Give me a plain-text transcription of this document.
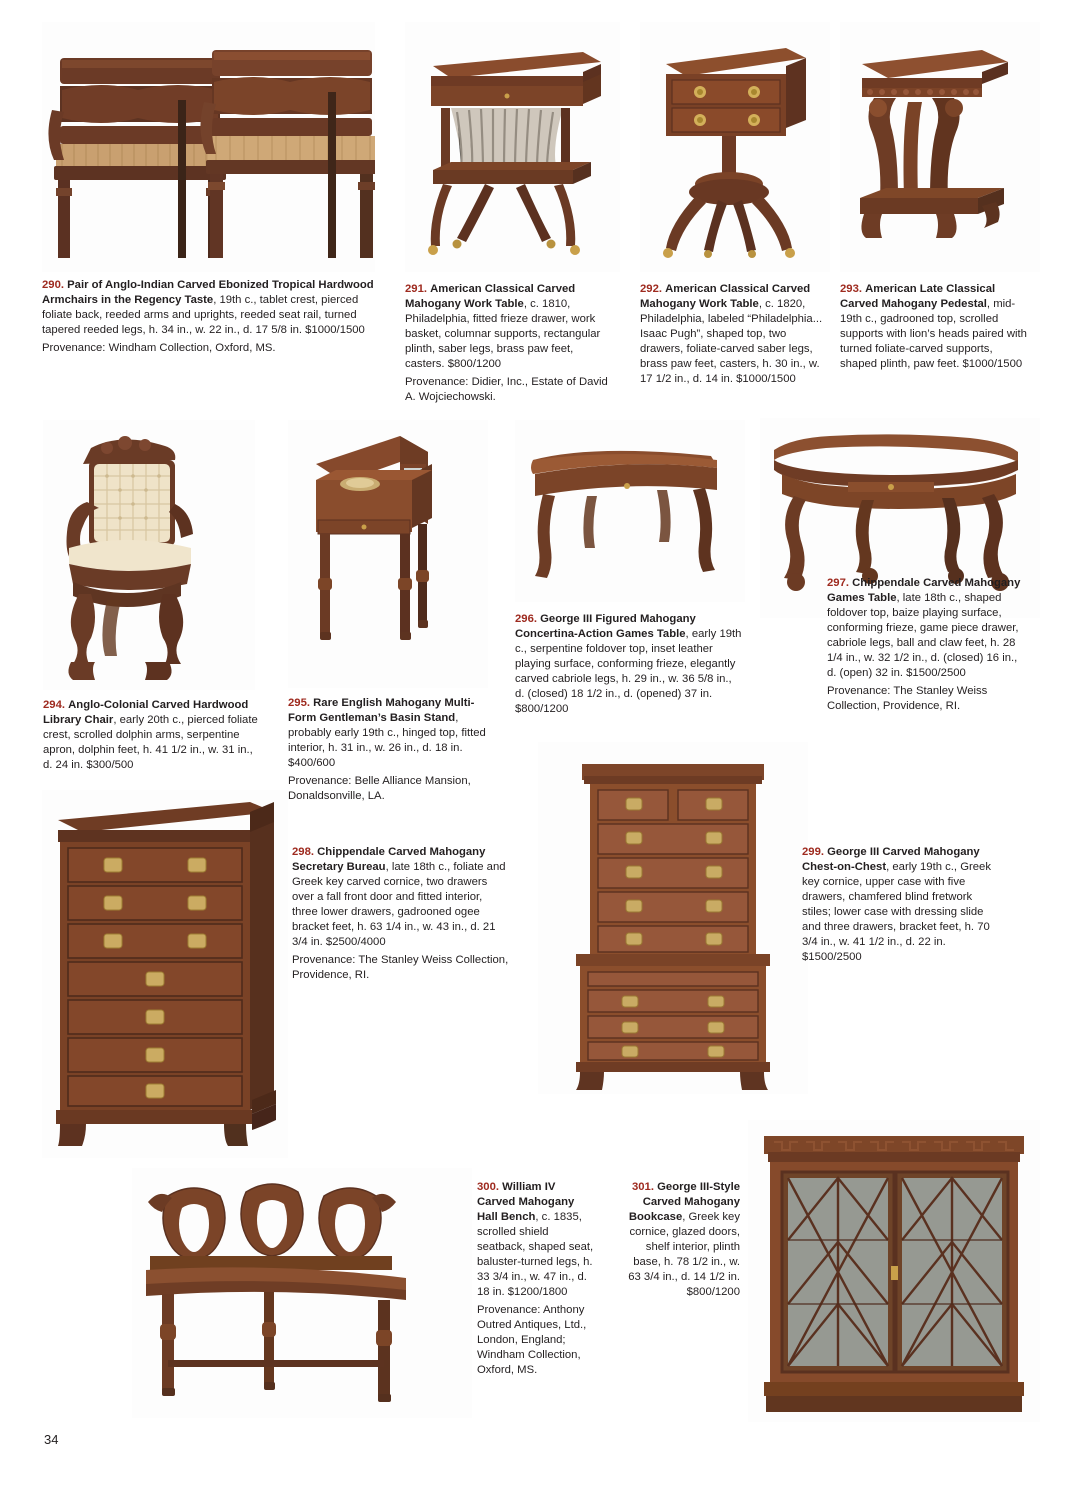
290. Pair of Anglo-Indian Carved Ebonized Tropical Hardwood Armchairs in the Regency Taste, 19th c., tablet crest, pierced foliate back, reeded arms and uprights, reeded seat rail, turned tapered reeded legs, h. 34 in., w. 22 in., d. 17 5/8 in. $1000/1500
Provenance: Windham Collection, Oxford, MS.
291. American Classical Carved Mahogany Work Table, c. 1810, Philadelphia, fitted frieze drawer, work basket, columnar supports, rectangular plinth, saber legs, brass paw feet, casters. $800/1200
Provenance: Didier, Inc., Estate of David A. Wojciechowski.
292. American Classical Carved Mahogany Work Table, c. 1820, Philadelphia, labeled “Philadelphia... Isaac Pugh”, shaped top, two drawers, foliate-carved saber legs, brass paw feet, casters, h. 30 in., w. 17 1/2 in., d. 14 in. $1000/1500
293. American Late Classical Carved Mahogany Pedestal, mid-19th c., gadrooned top, scrolled supports with lion’s heads paired with turned foliate-carved supports, shaped plinth, paw feet. $1000/1500
294. Anglo-Colonial Carved Hardwood Library Chair, early 20th c., pierced foliate crest, scrolled dolphin arms, serpentine apron, dolphin feet, h. 41 1/2 in., w. 31 in., d. 24 in. $300/500
295. Rare English Mahogany Multi-Form Gentleman’s Basin Stand, probably early 19th c., hinged top, fitted interior, h. 31 in., w. 26 in., d. 18 in. $400/600
Provenance: Belle Alliance Mansion, Donaldsonville, LA.
296. George III Figured Mahogany Concertina-Action Games Table, early 19th c., serpentine foldover top, inset leather playing surface, conforming frieze, elegantly carved cabriole legs, h. 29 in., w. 36 5/8 in., d. (closed) 18 1/2 in., d. (opened) 37 in. $800/1200
297. Chippendale Carved Mahogany Games Table, late 18th c., shaped foldover top, baize playing surface, conforming frieze, game piece drawer, cabriole legs, ball and claw feet, h. 28 1/4 in., w. 32 1/2 in., d. (closed) 16 in., d. (open) 32 in. $1500/2500
Provenance: The Stanley Weiss Collection, Providence, RI.
298. Chippendale Carved Mahogany Secretary Bureau, late 18th c., foliate and Greek key carved cornice, two drawers over a fall front door and fitted interior, three lower drawers, gadrooned ogee bracket feet, h. 63 1/4 in., w. 43 in., d. 21 3/4 in. $2500/4000
Provenance: The Stanley Weiss Collection, Providence, RI.
299. George III Carved Mahogany Chest-on-Chest, early 19th c., Greek key cornice, upper case with five drawers, chamfered blind fretwork stiles; lower case with dressing slide and three drawers, bracket feet, h. 70 3/4 in., w. 41 1/2 in., d. 22 in. $1500/2500
300. William IV Carved Mahogany Hall Bench, c. 1835, scrolled shield seatback, shaped seat, baluster-turned legs, h. 33 3/4 in., w. 47 in., d. 18 in. $1200/1800
Provenance: Anthony Outred Antiques, Ltd., London, England; Windham Collection, Oxford, MS.
301. George III-Style Carved Mahogany Bookcase, Greek key cornice, glazed doors, shelf interior, plinth base, h. 78 1/2 in., w. 63 3/4 in., d. 14 1/2 in. $800/1200
34
